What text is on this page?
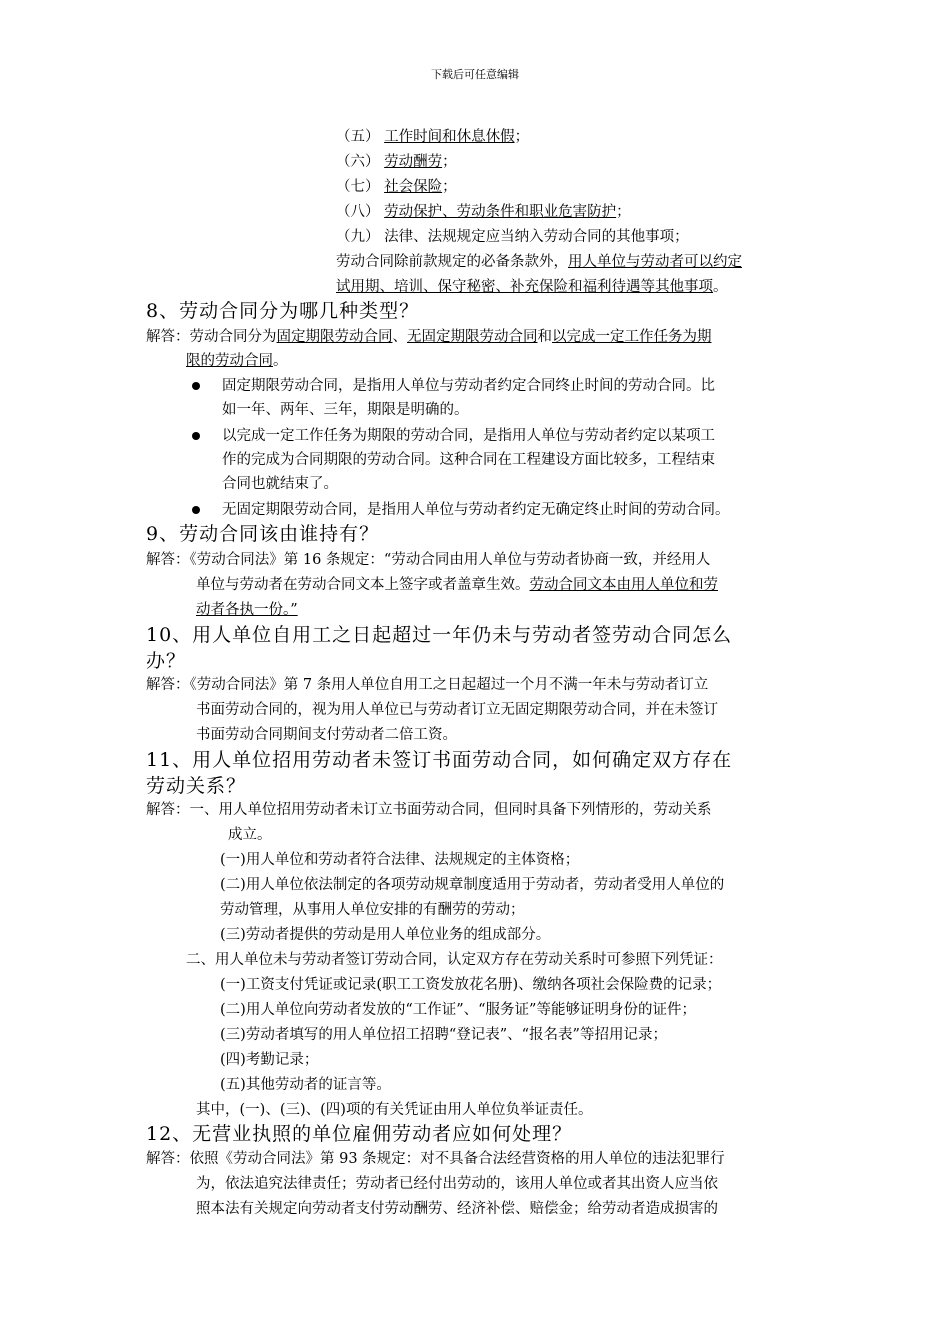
下载后可任意编辑
（五） 工作时间和休息休假；
（六） 劳动酬劳；
（七） 社会保险；
（八） 劳动保护、劳动条件和职业危害防护；
（九） 法律、法规规定应当纳入劳动合同的其他事项；
劳动合同除前款规定的必备条款外，用人单位与劳动者可以约定
试用期、培训、保守秘密、补充保险和福利待遇等其他事项。
8、劳动合同分为哪几种类型？
解答：劳动合同分为固定期限劳动合同、无固定期限劳动合同和以完成一定工作任务为期
限的劳动合同。
固定期限劳动合同，是指用人单位与劳动者约定合同终止时间的劳动合同。比
如一年、两年、三年，期限是明确的。
以完成一定工作任务为期限的劳动合同，是指用人单位与劳动者约定以某项工
作的完成为合同期限的劳动合同。这种合同在工程建设方面比较多，工程结束
合同也就结束了。
无固定期限劳动合同，是指用人单位与劳动者约定无确定终止时间的劳动合同。
9、劳动合同该由谁持有？
解答：《劳动合同法》第 16 条规定：“劳动合同由用人单位与劳动者协商一致，并经用人
单位与劳动者在劳动合同文本上签字或者盖章生效。劳动合同文本由用人单位和劳
动者各执一份。”
10、用人单位自用工之日起超过一年仍未与劳动者签劳动合同怎么
办？
解答：《劳动合同法》第 7 条用人单位自用工之日起超过一个月不满一年未与劳动者订立
书面劳动合同的，视为用人单位已与劳动者订立无固定期限劳动合同，并在未签订
书面劳动合同期间支付劳动者二倍工资。
11、用人单位招用劳动者未签订书面劳动合同，如何确定双方存在
劳动关系？
解答：一、用人单位招用劳动者未订立书面劳动合同，但同时具备下列情形的，劳动关系
成立。
(一)用人单位和劳动者符合法律、法规规定的主体资格；
(二)用人单位依法制定的各项劳动规章制度适用于劳动者，劳动者受用人单位的
劳动管理，从事用人单位安排的有酬劳的劳动；
(三)劳动者提供的劳动是用人单位业务的组成部分。
二、用人单位未与劳动者签订劳动合同，认定双方存在劳动关系时可参照下列凭证：
(一)工资支付凭证或记录(职工工资发放花名册)、缴纳各项社会保险费的记录；
(二)用人单位向劳动者发放的“工作证”、“服务证”等能够证明身份的证件；
(三)劳动者填写的用人单位招工招聘“登记表”、“报名表”等招用记录；
(四)考勤记录；
(五)其他劳动者的证言等。
其中，(一)、(三)、(四)项的有关凭证由用人单位负举证责任。
12、无营业执照的单位雇佣劳动者应如何处理？
解答：依照《劳动合同法》第 93 条规定：对不具备合法经营资格的用人单位的违法犯罪行
为，依法追究法律责任；劳动者已经付出劳动的，该用人单位或者其出资人应当依
照本法有关规定向劳动者支付劳动酬劳、经济补偿、赔偿金；给劳动者造成损害的
